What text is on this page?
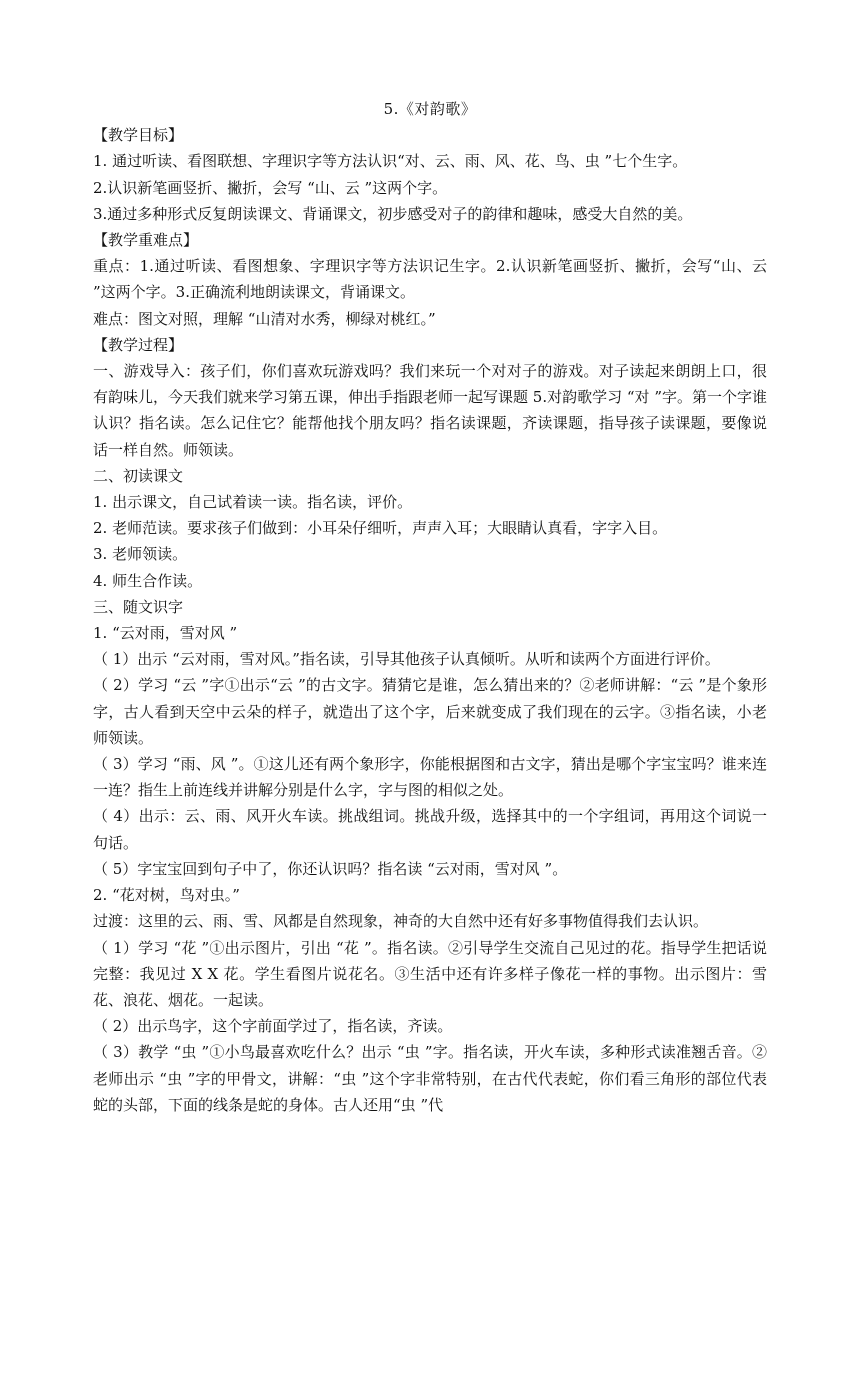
5.《对韵歌》

【教学目标】

1. 通过听读、看图联想、字理识字等方法认识“对、云、雨、风、花、鸟、虫 ”七个生字。

2.认识新笔画竖折、撇折，会写 “山、云 ”这两个字。

3.通过多种形式反复朗读课文、背诵课文，初步感受对子的韵律和趣味，感受大自然的美。

【教学重难点】

重点：1.通过听读、看图想象、字理识字等方法识记生字。2.认识新笔画竖折、撇折，会写“山、云 ”这两个字。3.正确流利地朗读课文，背诵课文。

难点：图文对照，理解 “山清对水秀，柳绿对桃红。”

【教学过程】

一、游戏导入：孩子们，你们喜欢玩游戏吗？我们来玩一个对对子的游戏。对子读起来朗朗上口，很有韵味儿，今天我们就来学习第五课，伸出手指跟老师一起写课题 5.对韵歌学习 “对 ”字。第一个字谁认识？指名读。怎么记住它？能帮他找个朋友吗？指名读课题，齐读课题，指导孩子读课题，要像说话一样自然。师领读。

二、初读课文

1. 出示课文，自己试着读一读。指名读，评价。

2. 老师范读。要求孩子们做到：小耳朵仔细听，声声入耳；大眼睛认真看，字字入目。

3. 老师领读。

4. 师生合作读。

三、随文识字

1. “云对雨，雪对风 ”

（ 1）出示 “云对雨，雪对风。”指名读，引导其他孩子认真倾听。从听和读两个方面进行评价。

（ 2）学习 “云 ”字①出示“云 ”的古文字。猜猜它是谁，怎么猜出来的？②老师讲解：“云 ”是个象形字，古人看到天空中云朵的样子，就造出了这个字，后来就变成了我们现在的云字。③指名读，小老师领读。

（ 3）学习 “雨、风 ”。①这儿还有两个象形字，你能根据图和古文字，猜出是哪个字宝宝吗？谁来连一连？指生上前连线并讲解分别是什么字，字与图的相似之处。

（ 4）出示：云、雨、风开火车读。挑战组词。挑战升级，选择其中的一个字组词，再用这个词说一句话。

（ 5）字宝宝回到句子中了，你还认识吗？指名读 “云对雨，雪对风 ”。

2. “花对树，鸟对虫。”

过渡：这里的云、雨、雪、风都是自然现象，神奇的大自然中还有好多事物值得我们去认识。

（ 1）学习 “花 ”①出示图片，引出 “花 ”。指名读。②引导学生交流自己见过的花。指导学生把话说完整：我见过 X X 花。学生看图片说花名。③生活中还有许多样子像花一样的事物。出示图片：雪花、浪花、烟花。一起读。

（ 2）出示鸟字，这个字前面学过了，指名读，齐读。

（ 3）教学 “虫 ”①小鸟最喜欢吃什么？出示 “虫 ”字。指名读，开火车读，多种形式读准翘舌音。②老师出示 “虫 ”字的甲骨文，讲解：“虫 ”这个字非常特别，在古代代表蛇，你们看三角形的部位代表蛇的头部，下面的线条是蛇的身体。古人还用“虫 ”代
